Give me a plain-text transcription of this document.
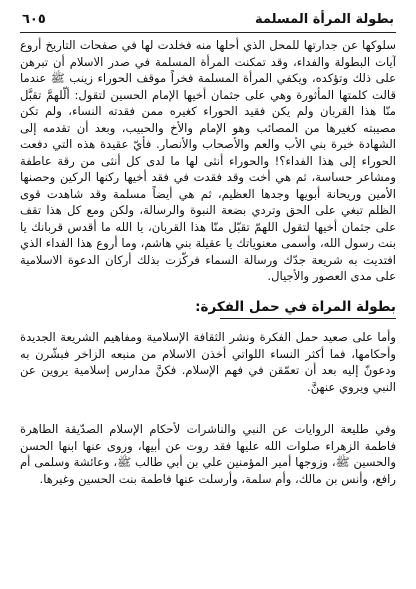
٦٠٥	بطولة المرأة المسلمة

سلوكها عن جدارتها للمحل الذي أحلها منه فخلدت لها في صفحات التاريخ أروع آيات البطولة والفداء، وقد تمكنت المرأة المسلمة في صدر الاسلام أن تبرهن على ذلك وتؤكده، ويكفي المرأة المسلمة فخراً موقف الحوراء زينب ﷺ عندما قالت كلمتها المأثورة وهي على جثمان أخيها الإمام الحسين لتقول: ألّلهمَّ تقبَّل منّا هذا القربان ولم يكن فقيد الحوراء كغيره ممن فقدته النساء، ولم تكن مصيبته كغيرها من المصائب وهو الإمام والأخ والحبيب، وبعد أن تقدمه إلى الشهادة خيرة بني الأب والعم والأصحاب والأنصار. فأيّ عقيدة هذه التي دفعت الحوراء إلى هذا الفداء؟! والحوراء أنثى لها ما لدى كل أنثى من رقة عاطفة ومشاعر حساسة، ثم هي أخت وقد فقدت في فقد أخيها ركنها الركين وحصنها الأمين وريحانة أبويها وجدها العظيم، ثم هي أيضاً مسلمة وقد شاهدت قوى الظلم تبغي على الحق وتردي بضعة النبوة والرسالة، ولكن ومع كل هذا تقف على جثمان أخيها لتقول اللهمّ تقبّل منّا هذا القربان، يا الله ما أقدس قربانك يا بنت رسول الله، وأسمى معنوياتك يا عقيلة بني هاشم، وما أروع هذا الفداء الذي افتديت به شريعة جدّك ورسالة السماء فركّزت بذلك أركان الدعوة الاسلامية على مدى العصور والأجيال.

بطولة المراة في حمل الفكرة:

وأما على صعيد حمل الفكرة ونشر الثقافة الإسلامية ومفاهيم الشريعة الجديدة وأحكامها، فما أكثر النساء اللواتي أخذن الاسلام من منبعه الزاخر فبشّرن به ودعونّ إليه بعد أن تعمّقن في فهم الإسلام. فكنَّ مدارس إسلامية يروين عن النبي ويروي عنهنَّ.

وفي طليعة الروايات عن النبي والناشرات لأحكام الإسلام الصدّيقة الطاهرة فاطمة الزهراء صلوات الله عليها فقد روت عن أبيها، وروى عنها ابنها الحسن والحسين ﷺ، وزوجها أمير المؤمنين علي بن أبي طالب ﷺ، وعائشة وسلمى أم رافع، وأنس بن مالك، وأم سلمة، وأرسلت عنها فاطمة بنت الحسين وغيرها.
